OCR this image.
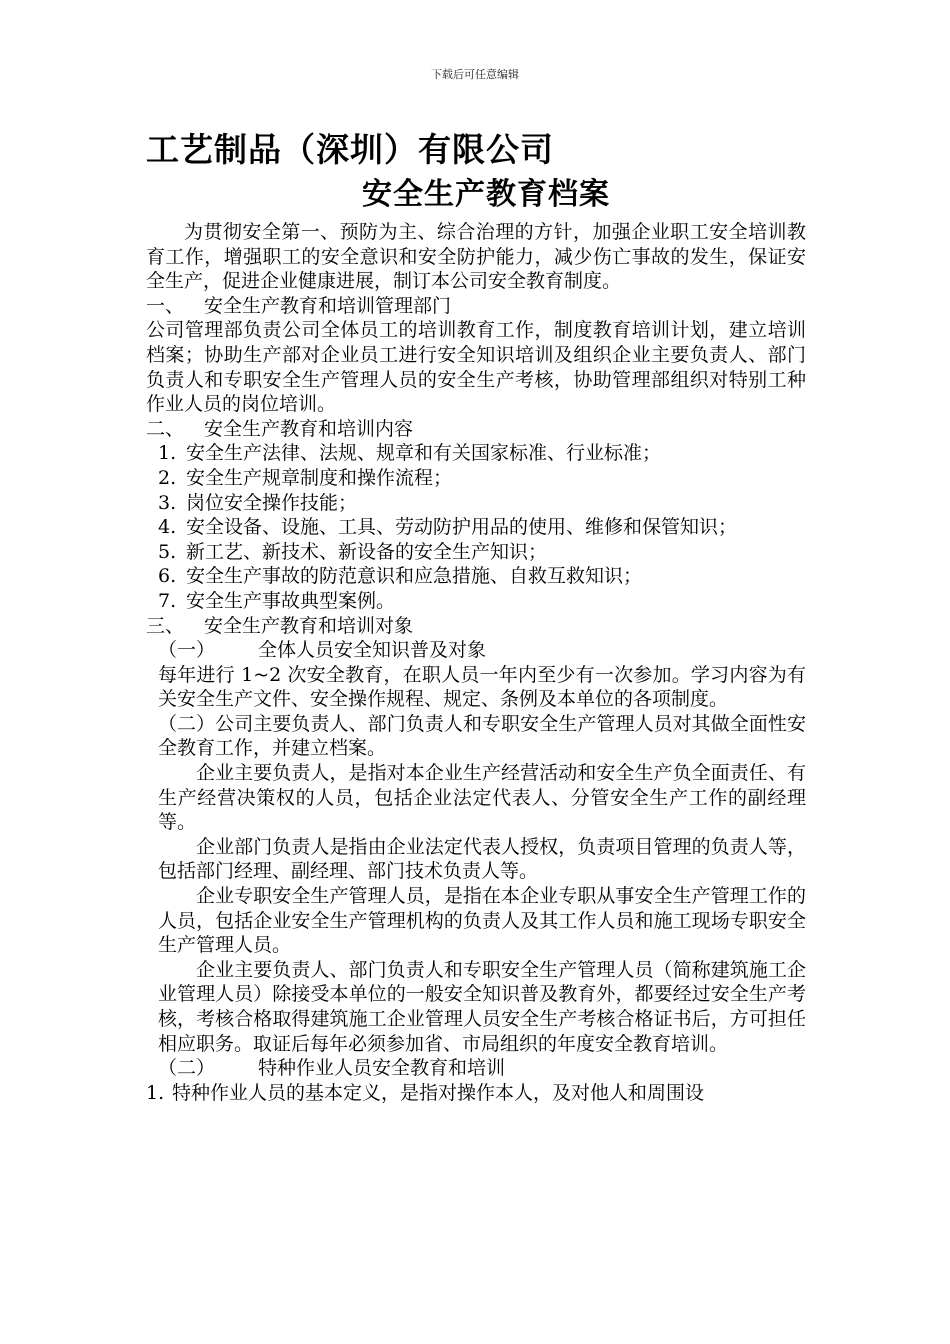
下载后可任意编辑
工艺制品（深圳）有限公司
安全生产教育档案

为贯彻安全第一、预防为主、综合治理的方针，加强企业职工安全培训教育工作，增强职工的安全意识和安全防护能力，减少伤亡事故的发生，保证安全生产，促进企业健康进展，制订本公司安全教育制度。

一、 安全生产教育和培训管理部门

公司管理部负责公司全体员工的培训教育工作，制度教育培训计划，建立培训档案；协助生产部对企业员工进行安全知识培训及组织企业主要负责人、部门负责人和专职安全生产管理人员的安全生产考核，协助管理部组织对特别工种作业人员的岗位培训。

二、 安全生产教育和培训内容

1. 安全生产法律、法规、规章和有关国家标准、行业标准；
2. 安全生产规章制度和操作流程；
3. 岗位安全操作技能；
4. 安全设备、设施、工具、劳动防护用品的使用、维修和保管知识；
5. 新工艺、新技术、新设备的安全生产知识；
6. 安全生产事故的防范意识和应急措施、自救互救知识；
7. 安全生产事故典型案例。

三、 安全生产教育和培训对象

（一） 全体人员安全知识普及对象

每年进行 1~2 次安全教育，在职人员一年内至少有一次参加。学习内容为有关安全生产文件、安全操作规程、规定、条例及本单位的各项制度。

（二）公司主要负责人、部门负责人和专职安全生产管理人员对其做全面性安全教育工作，并建立档案。

企业主要负责人，是指对本企业生产经营活动和安全生产负全面责任、有生产经营决策权的人员，包括企业法定代表人、分管安全生产工作的副经理等。

企业部门负责人是指由企业法定代表人授权，负责项目管理的负责人等，包括部门经理、副经理、部门技术负责人等。

企业专职安全生产管理人员，是指在本企业专职从事安全生产管理工作的人员，包括企业安全生产管理机构的负责人及其工作人员和施工现场专职安全生产管理人员。

企业主要负责人、部门负责人和专职安全生产管理人员（简称建筑施工企业管理人员）除接受本单位的一般安全知识普及教育外，都要经过安全生产考核，考核合格取得建筑施工企业管理人员安全生产考核合格证书后，方可担任相应职务。取证后每年必须参加省、市局组织的年度安全教育培训。

（二） 特种作业人员安全教育和培训

1. 特种作业人员的基本定义，是指对操作本人，及对他人和周围设
